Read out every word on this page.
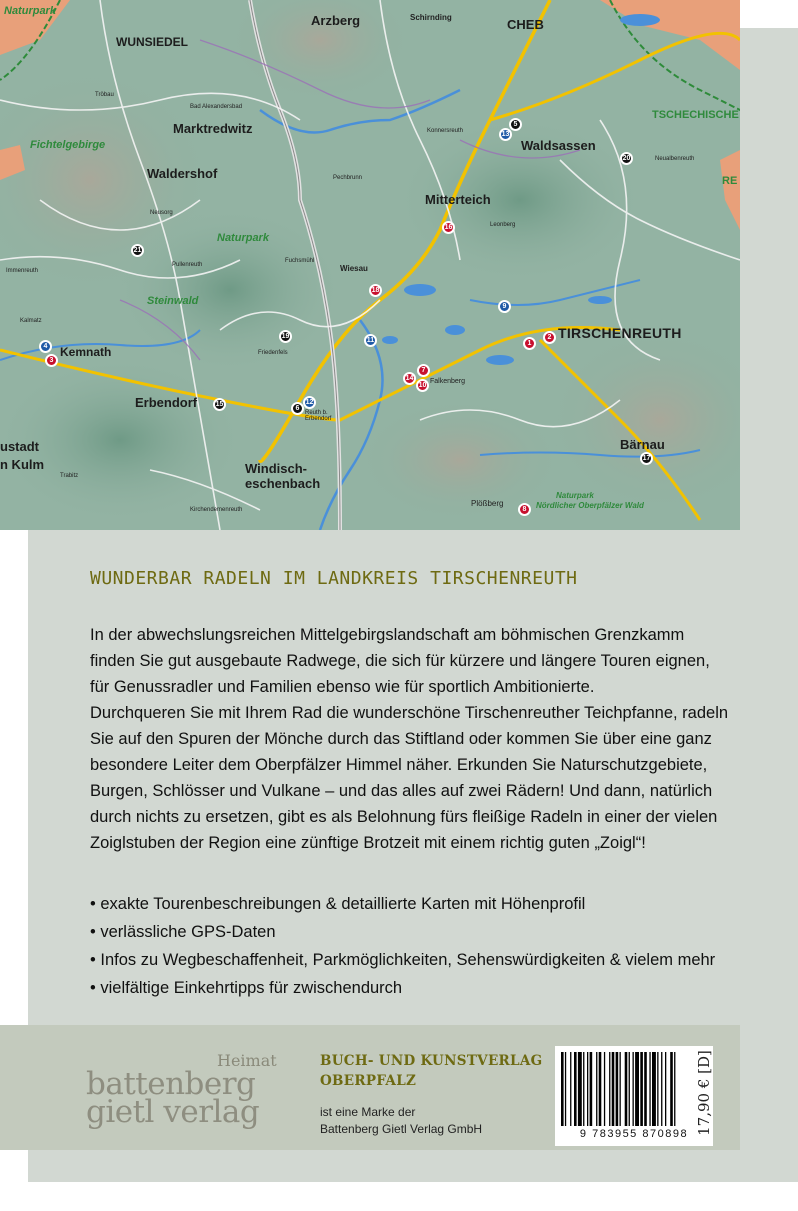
Naturpark
Arzberg	Schirnding	CHEB
WUNSIEDEL
Tröbau
Bad Alexandersbad
Marktredwitz	Konnersreuth
Waldsassen
TSCHECHISCHE
RE
Neualbenreuth
Fichtelgebirge
Waldershof	Pechbrunn
Mitterteich
Leonberg
Naturpark
Neusorg
Fuchsmühl
Wiesau
Pullenreuth
Immenreuth
Steinwald
Kalmatz
Kemnath
TIRSCHENREUTH
Friedenfels
Falkenberg
Erbendorf
Reuth b. Erbendorf
Bärnau
ustadt
n Kulm	Windisch-eschenbach
Plößberg
Naturpark
Nördlicher Oberpfälzer Wald
Kirchendemenreuth
Trabitz
5
16
15
4
3
1
2
7
14
13
10
17
8
9
6
11
12
18
19
20
21
WUNDERBAR RADELN IM LANDKREIS TIRSCHENREUTH

In der abwechslungsreichen Mittelgebirgslandschaft am böhmischen Grenzkamm finden Sie gut ausgebaute Radwege, die sich für kürzere und längere Touren eignen, für Genussradler und Familien ebenso wie für sportlich Ambitionierte.

Durchqueren Sie mit Ihrem Rad die wunderschöne Tirschenreuther Teichpfanne, radeln Sie auf den Spuren der Mönche durch das Stiftland oder kommen Sie über eine ganz besondere Leiter dem Oberpfälzer Himmel näher. Erkunden Sie Naturschutzgebiete, Burgen, Schlösser und Vulkane – und das alles auf zwei Rädern! Und dann, natürlich durch nichts zu ersetzen, gibt es als Belohnung fürs fleißige Radeln in einer der vielen Zoiglstuben der Region eine zünftige Brotzeit mit einem richtig guten „Zoigl“!

• exakte Tourenbeschreibungen & detaillierte Karten mit Höhenprofil
• verlässliche GPS-Daten
• Infos zu Wegbeschaffenheit, Parkmöglichkeiten, Sehenswürdigkeiten & vielem mehr
• vielfältige Einkehrtipps für zwischendurch
Heimat
battenberg
gietl verlag
BUCH- UND KUNSTVERLAG
OBERPFALZ
ist eine Marke der
Battenberg Gietl Verlag GmbH	9 783955 870898 17,90 € [D]
